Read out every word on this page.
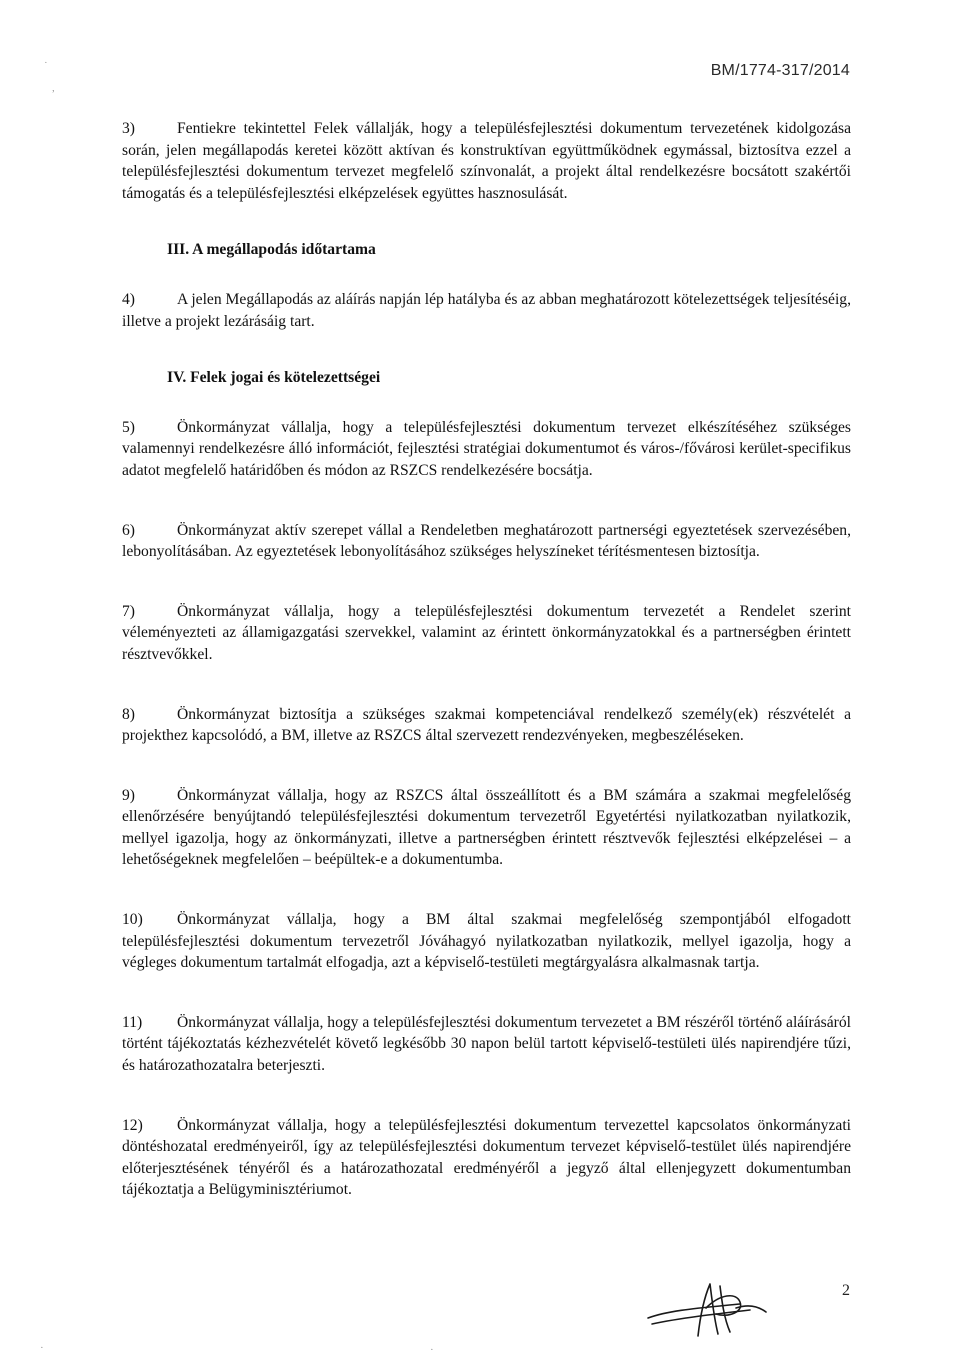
BM/1774-317/2014

3)	Fentiekre tekintettel Felek vállalják, hogy a településfejlesztési dokumentum tervezetének kidolgozása során, jelen megállapodás keretei között aktívan és konstruktívan együttműködnek egymással, biztosítva ezzel a településfejlesztési dokumentum tervezet megfelelő színvonalát, a projekt által rendelkezésre bocsátott szakértői támogatás és a településfejlesztési elképzelések együttes hasznosulását.

III. A megállapodás időtartama

4)	A jelen Megállapodás az aláírás napján lép hatályba és az abban meghatározott kötelezettségek teljesítéséig, illetve a projekt lezárásáig tart.

IV. Felek jogai és kötelezettségei

5)	Önkormányzat vállalja, hogy a településfejlesztési dokumentum tervezet elkészítéséhez szükséges valamennyi rendelkezésre álló információt, fejlesztési stratégiai dokumentumot és város-/fővárosi kerület-specifikus adatot megfelelő határidőben és módon az RSZCS rendelkezésére bocsátja.

6)	Önkormányzat aktív szerepet vállal a Rendeletben meghatározott partnerségi egyeztetések szervezésében, lebonyolításában. Az egyeztetések lebonyolításához szükséges helyszíneket térítésmentesen biztosítja.

7)	Önkormányzat vállalja, hogy a településfejlesztési dokumentum tervezetét a Rendelet szerint véleményezteti az államigazgatási szervekkel, valamint az érintett önkormányzatokkal és a partnerségben érintett résztvevőkkel.

8)	Önkormányzat biztosítja a szükséges szakmai kompetenciával rendelkező személy(ek) részvételét a projekthez kapcsolódó, a BM, illetve az RSZCS által szervezett rendezvényeken, megbeszéléseken.

9)	Önkormányzat vállalja, hogy az RSZCS által összeállított és a BM számára a szakmai megfelelőség ellenőrzésére benyújtandó településfejlesztési dokumentum tervezetről Egyetértési nyilatkozatban nyilatkozik, mellyel igazolja, hogy az önkormányzati, illetve a partnerségben érintett résztvevők fejlesztési elképzelései – a lehetőségeknek megfelelően – beépültek-e a dokumentumba.

10) Önkormányzat vállalja, hogy a BM által szakmai megfelelőség szempontjából elfogadott településfejlesztési dokumentum tervezetről Jóváhagyó nyilatkozatban nyilatkozik, mellyel igazolja, hogy a végleges dokumentum tartalmát elfogadja, azt a képviselő-testületi megtárgyalásra alkalmasnak tartja.

11) Önkormányzat vállalja, hogy a településfejlesztési dokumentum tervezetet a BM részéről történő aláírásáról történt tájékoztatás kézhezvételét követő legkésőbb 30 napon belül tartott képviselő-testületi ülés napirendjére tűzi, és határozathozatalra beterjeszti.

12) Önkormányzat vállalja, hogy a településfejlesztési dokumentum tervezettel kapcsolatos önkormányzati döntéshozatal eredményeiről, így az településfejlesztési dokumentum tervezet képviselő-testület ülés napirendjére előterjesztésének tényéről és a határozathozatal eredményéről a jegyző által ellenjegyzett dokumentumban tájékoztatja a Belügyminisztériumot.

2
˙
,
·	·
